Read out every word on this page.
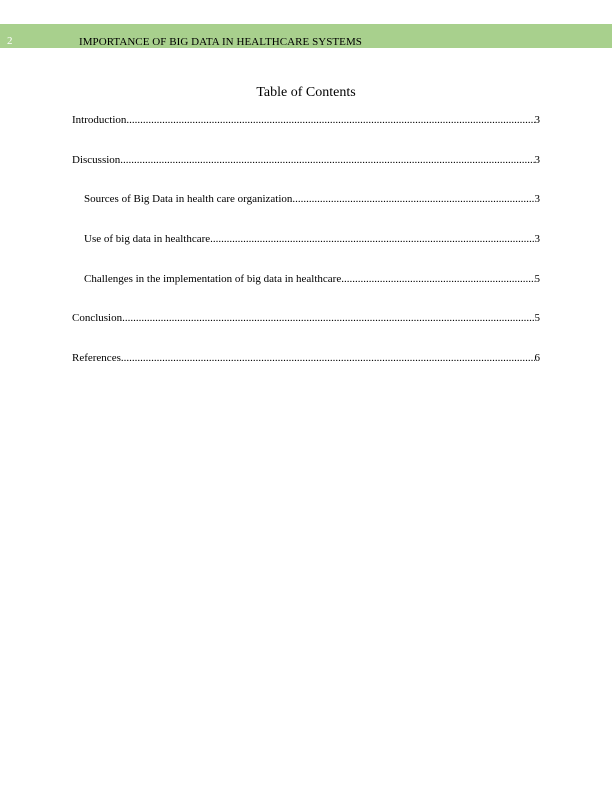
2	IMPORTANCE OF BIG DATA IN HEALTHCARE SYSTEMS
Table of Contents
Introduction .....	3
Discussion .....	3
Sources of Big Data in health care organization .....	3
Use of big data in healthcare .....	3
Challenges in the implementation of big data in healthcare .....	5
Conclusion .....	5
References .....	6
